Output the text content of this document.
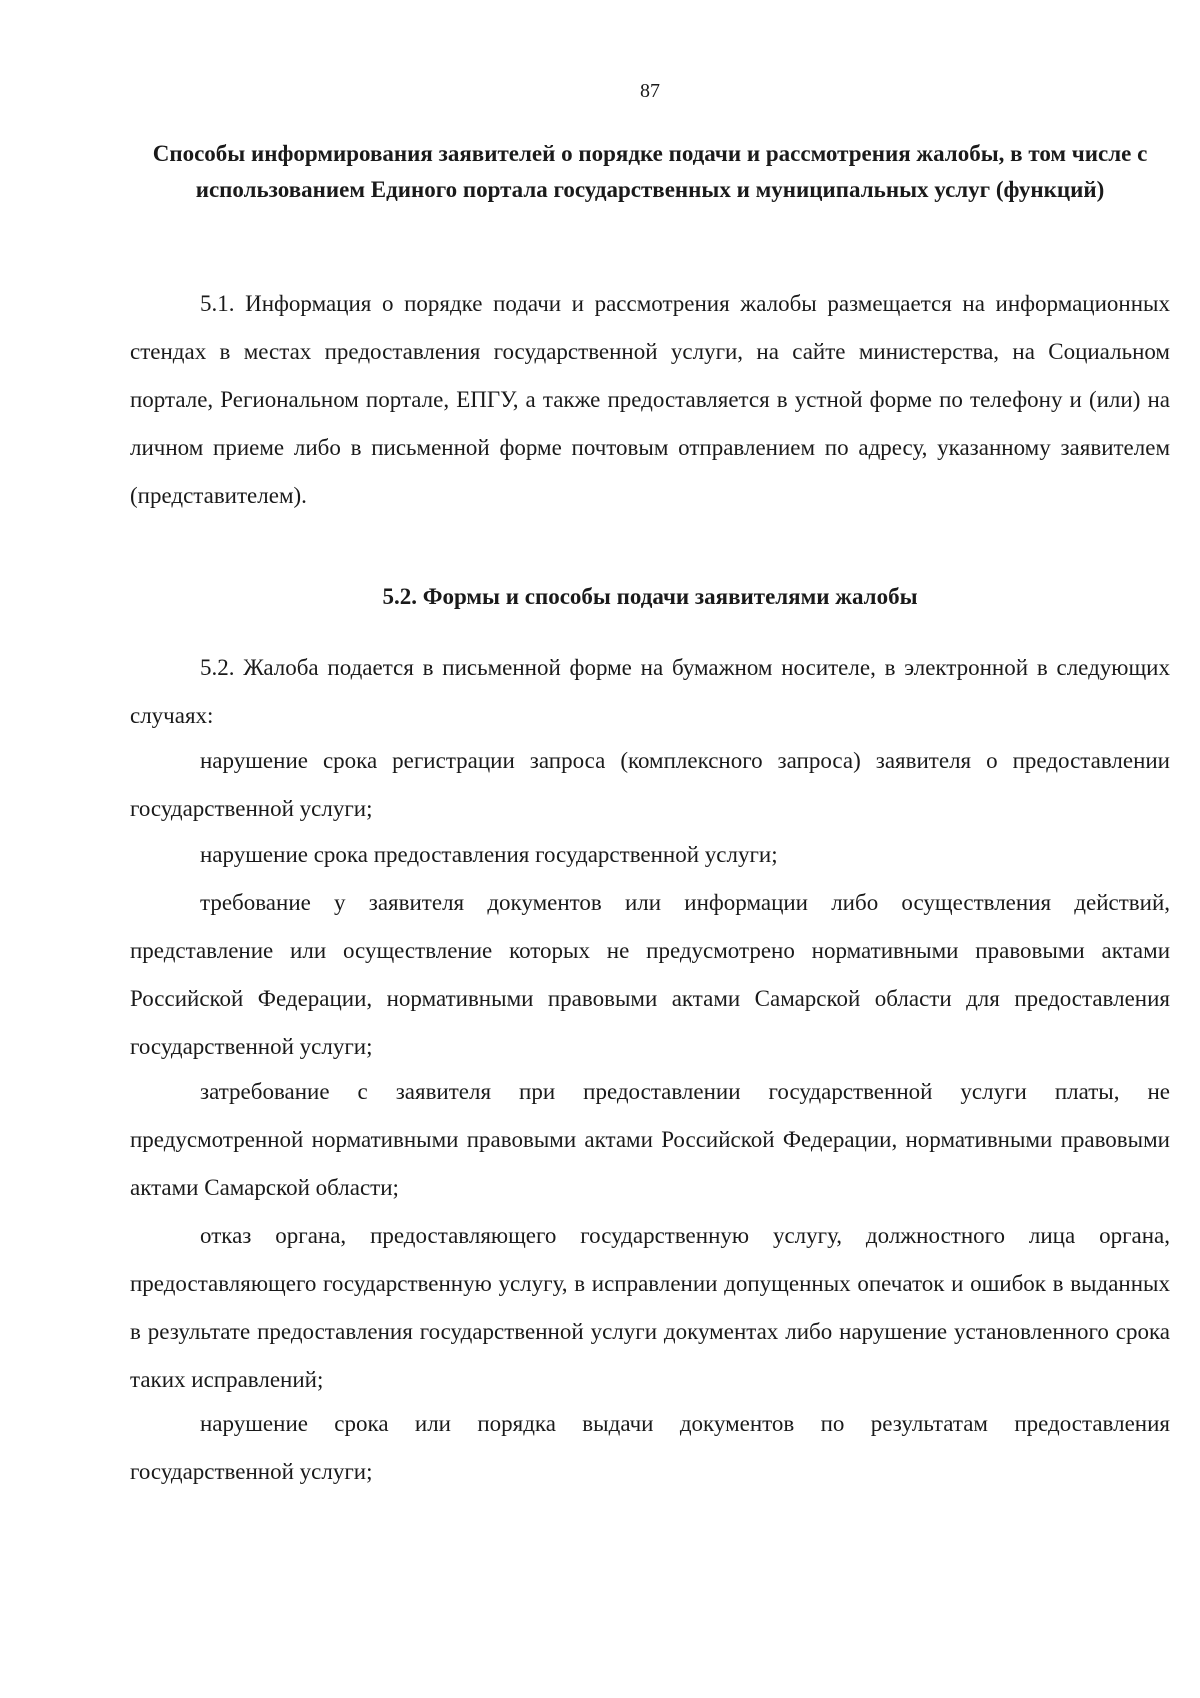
87
Способы информирования заявителей о порядке подачи и рассмотрения жалобы, в том числе с использованием Единого портала государственных и муниципальных услуг (функций)

5.1. Информация о порядке подачи и рассмотрения жалобы размещается на информационных стендах в местах предоставления государственной услуги, на сайте министерства, на Социальном портале, Региональном портале, ЕПГУ, а также предоставляется в устной форме по телефону и (или) на личном приеме либо в письменной форме почтовым отправлением по адресу, указанному заявителем (представителем).

5.2. Формы и способы подачи заявителями жалобы

5.2. Жалоба подается в письменной форме на бумажном носителе, в электронной в следующих случаях:

нарушение срока регистрации запроса (комплексного запроса) заявителя о предоставлении государственной услуги;

нарушение срока предоставления государственной услуги;

требование у заявителя документов или информации либо осуществления действий, представление или осуществление которых не предусмотрено нормативными правовыми актами Российской Федерации, нормативными правовыми актами Самарской области для предоставления государственной услуги;

затребование с заявителя при предоставлении государственной услуги платы, не предусмотренной нормативными правовыми актами Российской Федерации, нормативными правовыми актами Самарской области;

отказ органа, предоставляющего государственную услугу, должностного лица органа, предоставляющего государственную услугу, в исправлении допущенных опечаток и ошибок в выданных в результате предоставления государственной услуги документах либо нарушение установленного срока таких исправлений;

нарушение срока или порядка выдачи документов по результатам предоставления государственной услуги;
